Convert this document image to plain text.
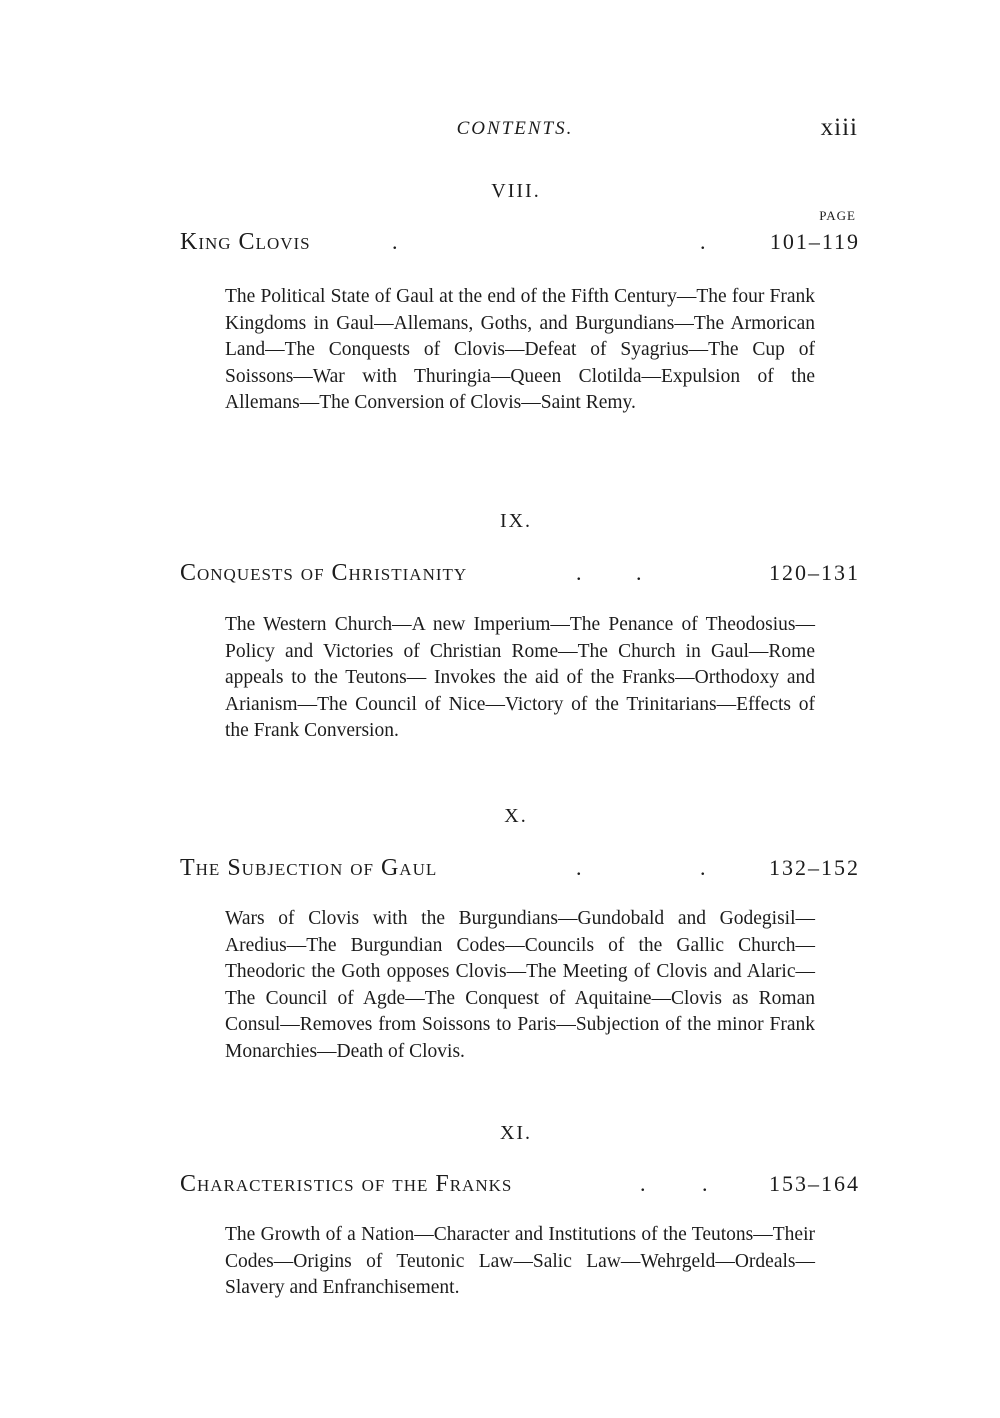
CONTENTS.	xiii
PAGE
VIII.
King Clovis	.	.	101–119
The Political State of Gaul at the end of the Fifth Century—The four Frank Kingdoms in Gaul—Allemans, Goths, and Burgundians—The Armorican Land—The Conquests of Clovis—Defeat of Syagrius—The Cup of Soissons—War with Thuringia—Queen Clotilda—Expulsion of the Allemans—The Conversion of Clovis—Saint Remy.
IX.
Conquests of Christianity	. .	120–131
The Western Church—A new Imperium—The Penance of Theodosius—Policy and Victories of Christian Rome—The Church in Gaul—Rome appeals to the Teutons— Invokes the aid of the Franks—Orthodoxy and Arianism—The Council of Nice—Victory of the Trinitarians—Effects of the Frank Conversion.
X.
The Subjection of Gaul	.	.	132–152
Wars of Clovis with the Burgundians—Gundobald and Godegisil—Aredius—The Burgundian Codes—Councils of the Gallic Church—Theodoric the Goth opposes Clovis—The Meeting of Clovis and Alaric—The Council of Agde—The Conquest of Aquitaine—Clovis as Roman Consul—Removes from Soissons to Paris—Subjection of the minor Frank Monarchies—Death of Clovis.
XI.
Characteristics of the Franks	.	.	153–164
The Growth of a Nation—Character and Institutions of the Teutons—Their Codes—Origins of Teutonic Law—Salic Law—Wehrgeld—Ordeals—Slavery and Enfranchisement.
